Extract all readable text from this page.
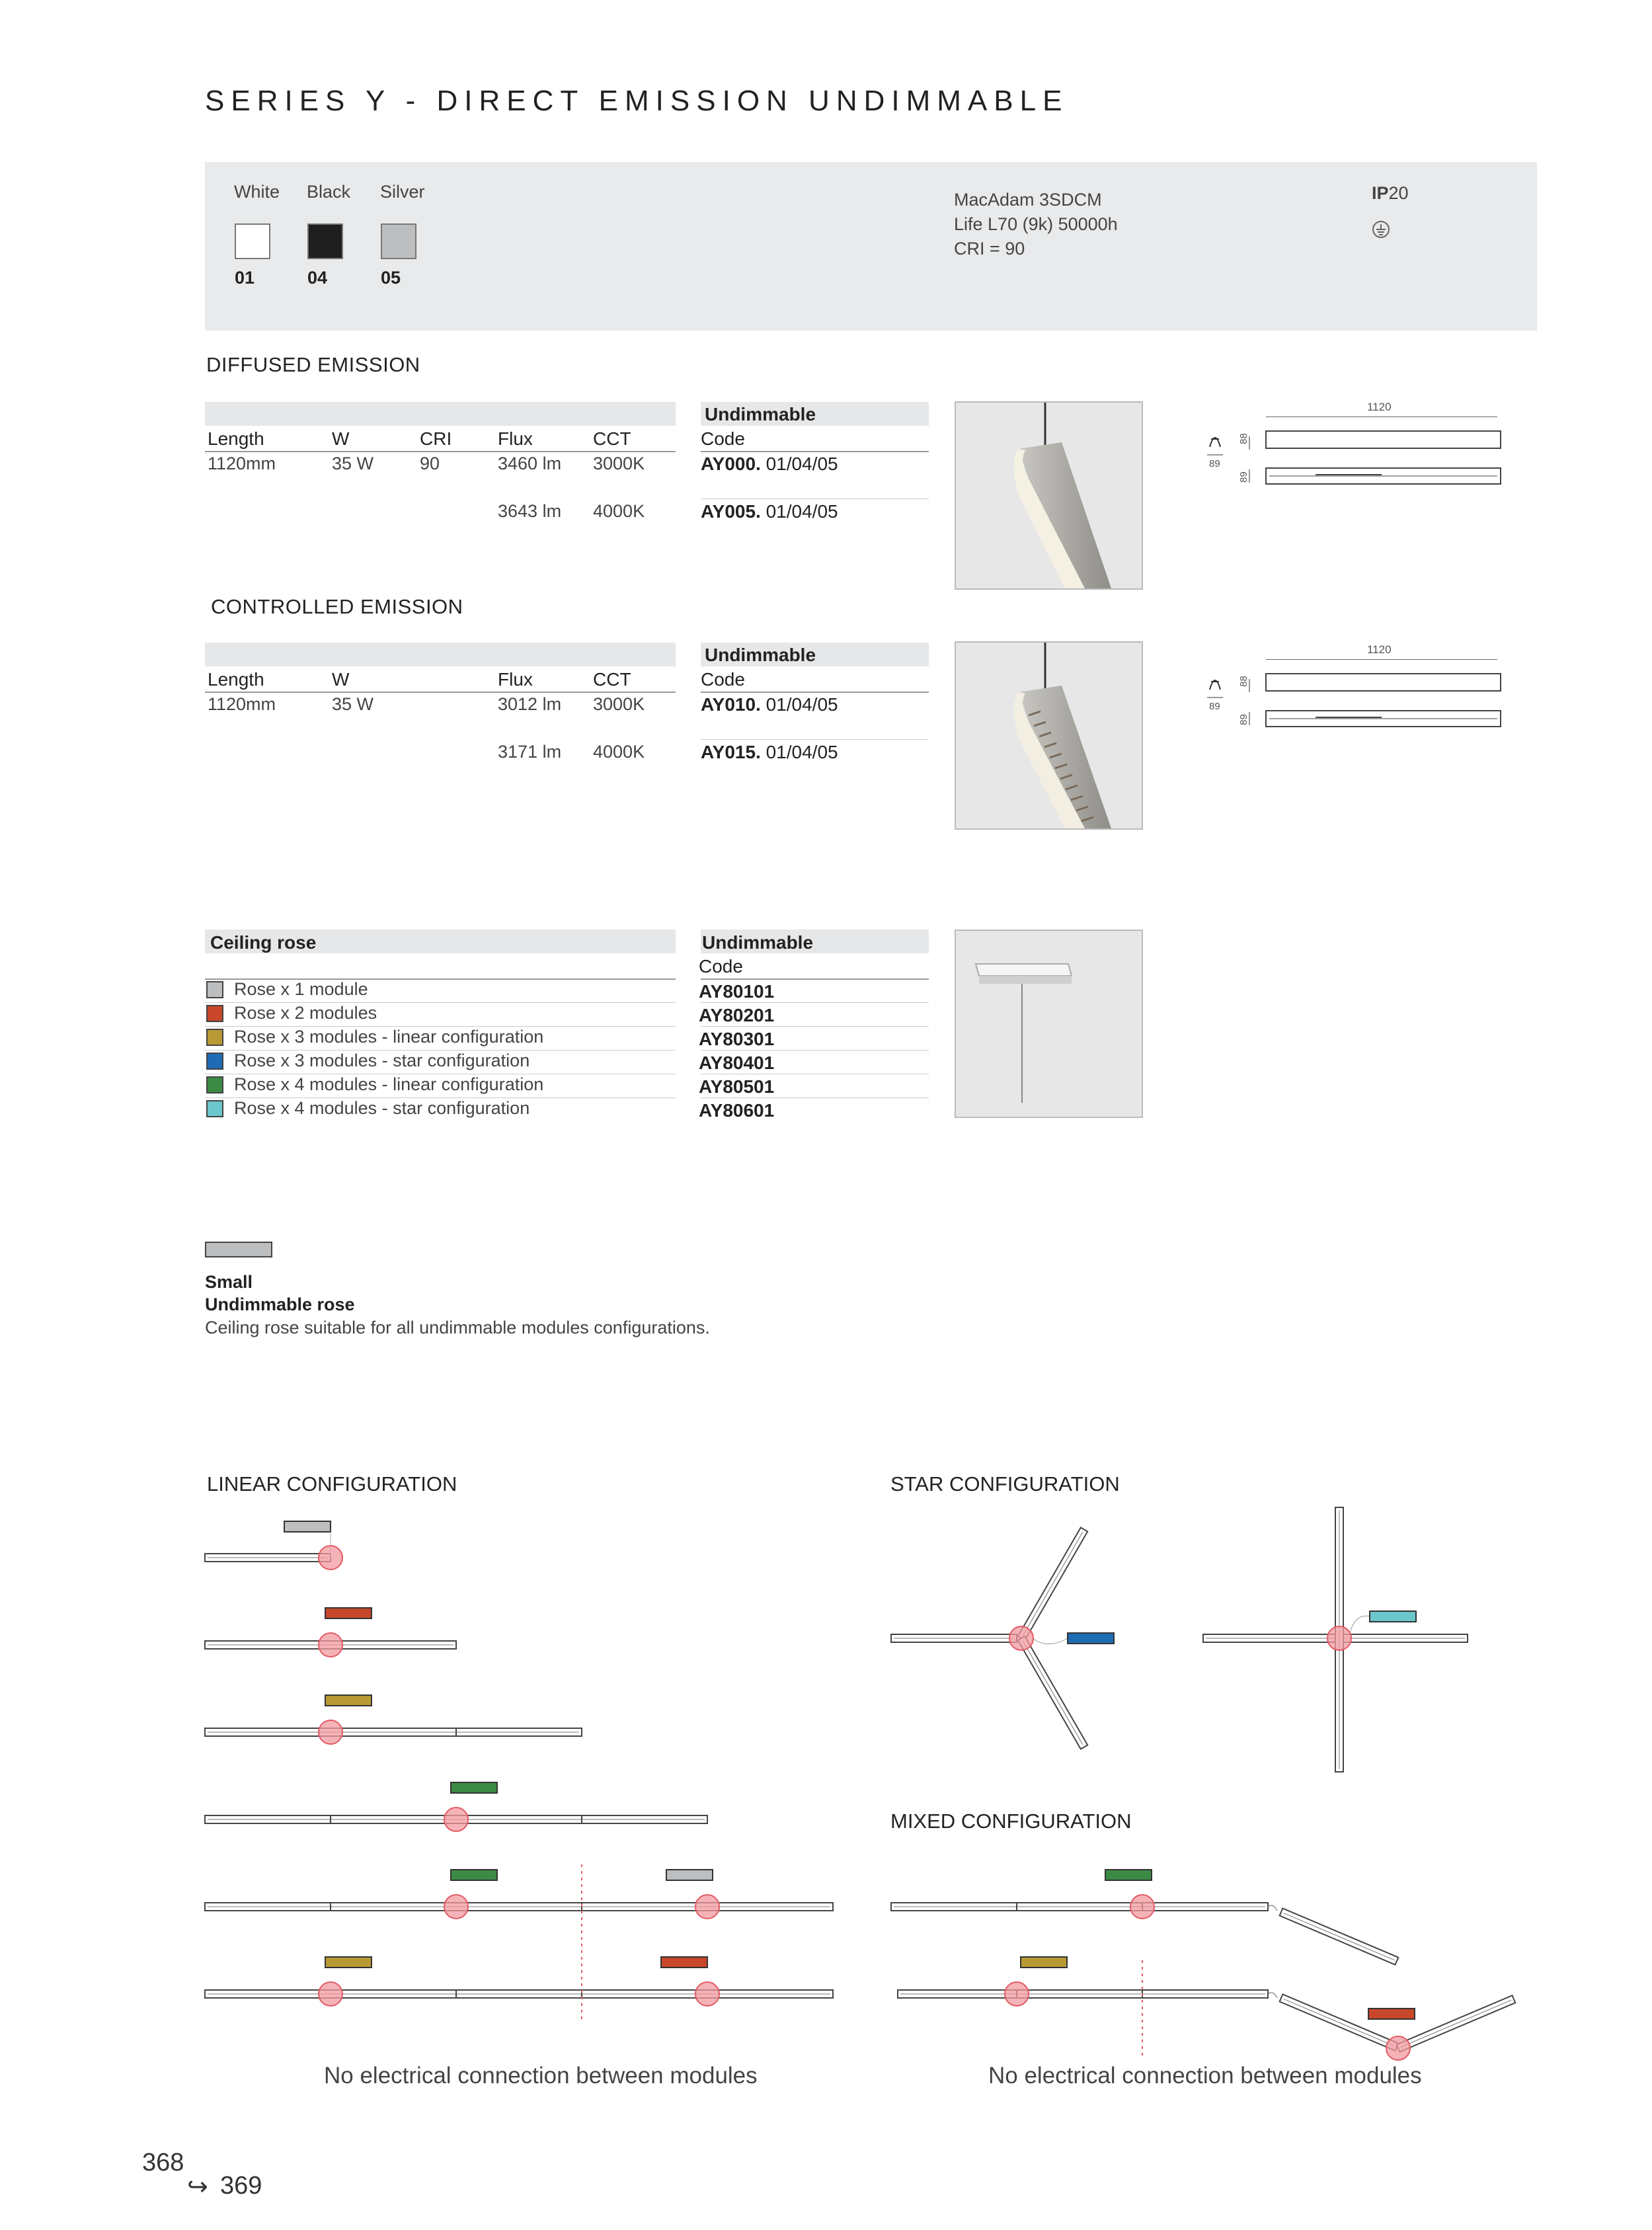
SERIES Y - DIRECT EMISSION UNDIMMABLE
White Black Silver
01	04	05
MacAdam 3SDCM
Life L70 (9k) 50000h
CRI = 90
IP20
DIFFUSED EMISSION
Undimmable
Length	W	CRI Flux	CCT	Code
1120mm	35 W	90	3460 lm 3000K	AY000. 01/04/05
3643 lm 4000K	AY005. 01/04/05
1120
88
89
89
CONTROLLED EMISSION
Undimmable
Length	W	Flux	CCT	Code
1120mm	35 W	3012 lm 3000K	AY010. 01/04/05
3171 lm 4000K	AY015. 01/04/05
1120
88
89
89
Ceiling rose	Undimmable
Code
Rose x 1 module	AY80101
Rose x 2 modules	AY80201
Rose x 3 modules - linear configuration	AY80301
Rose x 3 modules - star configuration	AY80401
Rose x 4 modules - linear configuration	AY80501
Rose x 4 modules - star configuration	AY80601
Small
Undimmable rose
Ceiling rose suitable for all undimmable modules configurations.
LINEAR CONFIGURATION	STAR CONFIGURATION
MIXED CONFIGURATION
No electrical connection between modules	No electrical connection between modules
368
↪ 369
